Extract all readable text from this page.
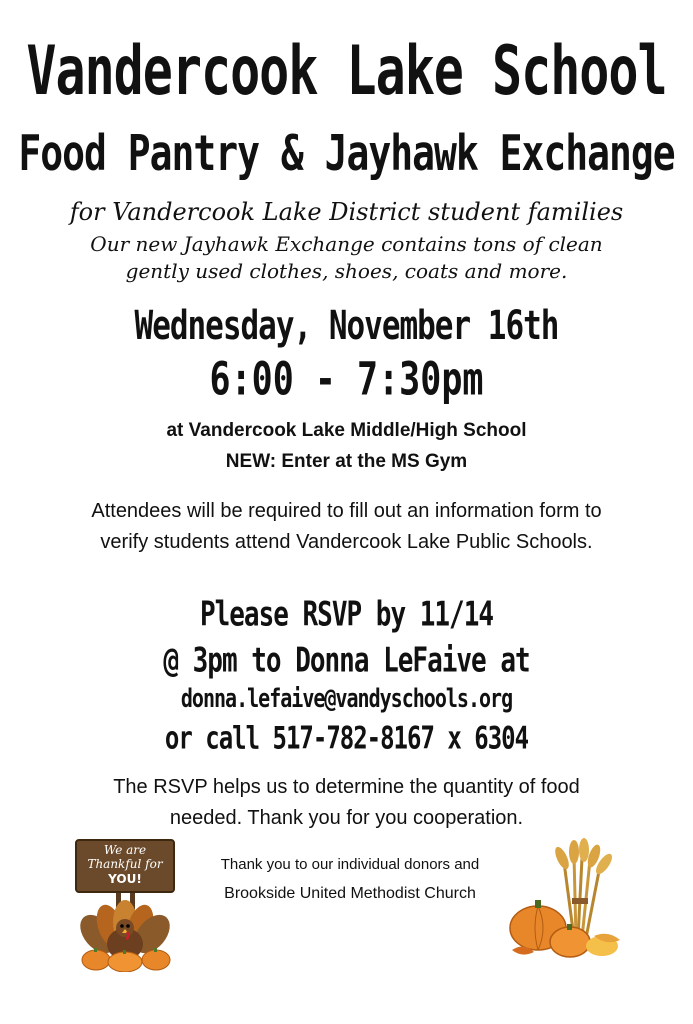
Vandercook Lake School
Food Pantry & Jayhawk Exchange
for Vandercook Lake District student families
Our new Jayhawk Exchange contains tons of clean
gently used clothes, shoes, coats and more.
Wednesday, November 16th
6:00 - 7:30pm
at Vandercook Lake Middle/High School
NEW: Enter at the MS Gym
Attendees will be required to fill out an information form to
verify students attend Vandercook Lake Public Schools.
Please RSVP by 11/14
@ 3pm to Donna LeFaive at
donna.lefaive@vandyschools.org
or call 517-782-8167 x 6304
The RSVP helps us to determine the quantity of food
needed. Thank you for you cooperation.
Thank you to our individual donors and
Brookside United Methodist Church
We are
Thankful for
YOU!
